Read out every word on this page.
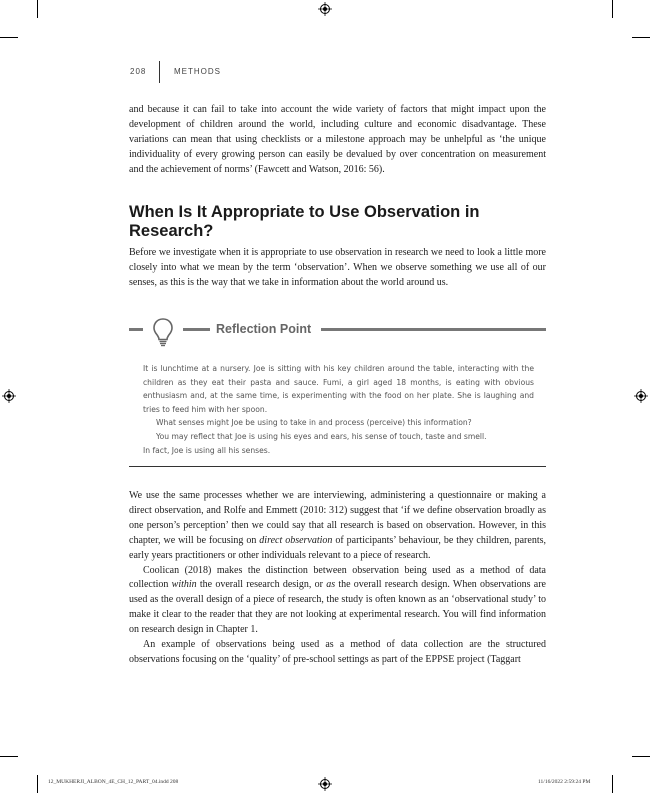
208	METHODS

and because it can fail to take into account the wide variety of factors that might impact upon the development of children around the world, including culture and economic disadvantage. These variations can mean that using checklists or a milestone approach may be unhelpful as ‘the unique individuality of every growing person can easily be devalued by over concentration on measurement and the achievement of norms’ (Fawcett and Watson, 2016: 56).

When Is It Appropriate to Use Observation in Research?

Before we investigate when it is appropriate to use observation in research we need to look a little more closely into what we mean by the term ‘observation’. When we observe something we use all of our senses, as this is the way that we take in information about the world around us.

Reflection Point

It is lunchtime at a nursery. Joe is sitting with his key children around the table, interacting with the children as they eat their pasta and sauce. Fumi, a girl aged 18 months, is eating with obvious enthusiasm and, at the same time, is experimenting with the food on her plate. She is laughing and tries to feed him with her spoon.

What senses might Joe be using to take in and process (perceive) this information?

You may reflect that Joe is using his eyes and ears, his sense of touch, taste and smell.

In fact, Joe is using all his senses.

We use the same processes whether we are interviewing, administering a questionnaire or making a direct observation, and Rolfe and Emmett (2010: 312) suggest that ‘if we define observation broadly as one person’s perception’ then we could say that all research is based on observation. However, in this chapter, we will be focusing on direct observation of participants’ behaviour, be they children, parents, early years practitioners or other individuals relevant to a piece of research.

Coolican (2018) makes the distinction between observation being used as a method of data collection within the overall research design, or as the overall research design. When observations are used as the overall design of a piece of research, the study is often known as an ‘observational study’ to make it clear to the reader that they are not looking at experimental research. You will find information on research design in Chapter 1.

An example of observations being used as a method of data collection are the structured observations focusing on the ‘quality’ of pre-school settings as part of the EPPSE project (Taggart

12_MUKHERJI_ALBON_4E_CH_12_PART_04.indd 208	11/16/2022 2:59:24 PM
